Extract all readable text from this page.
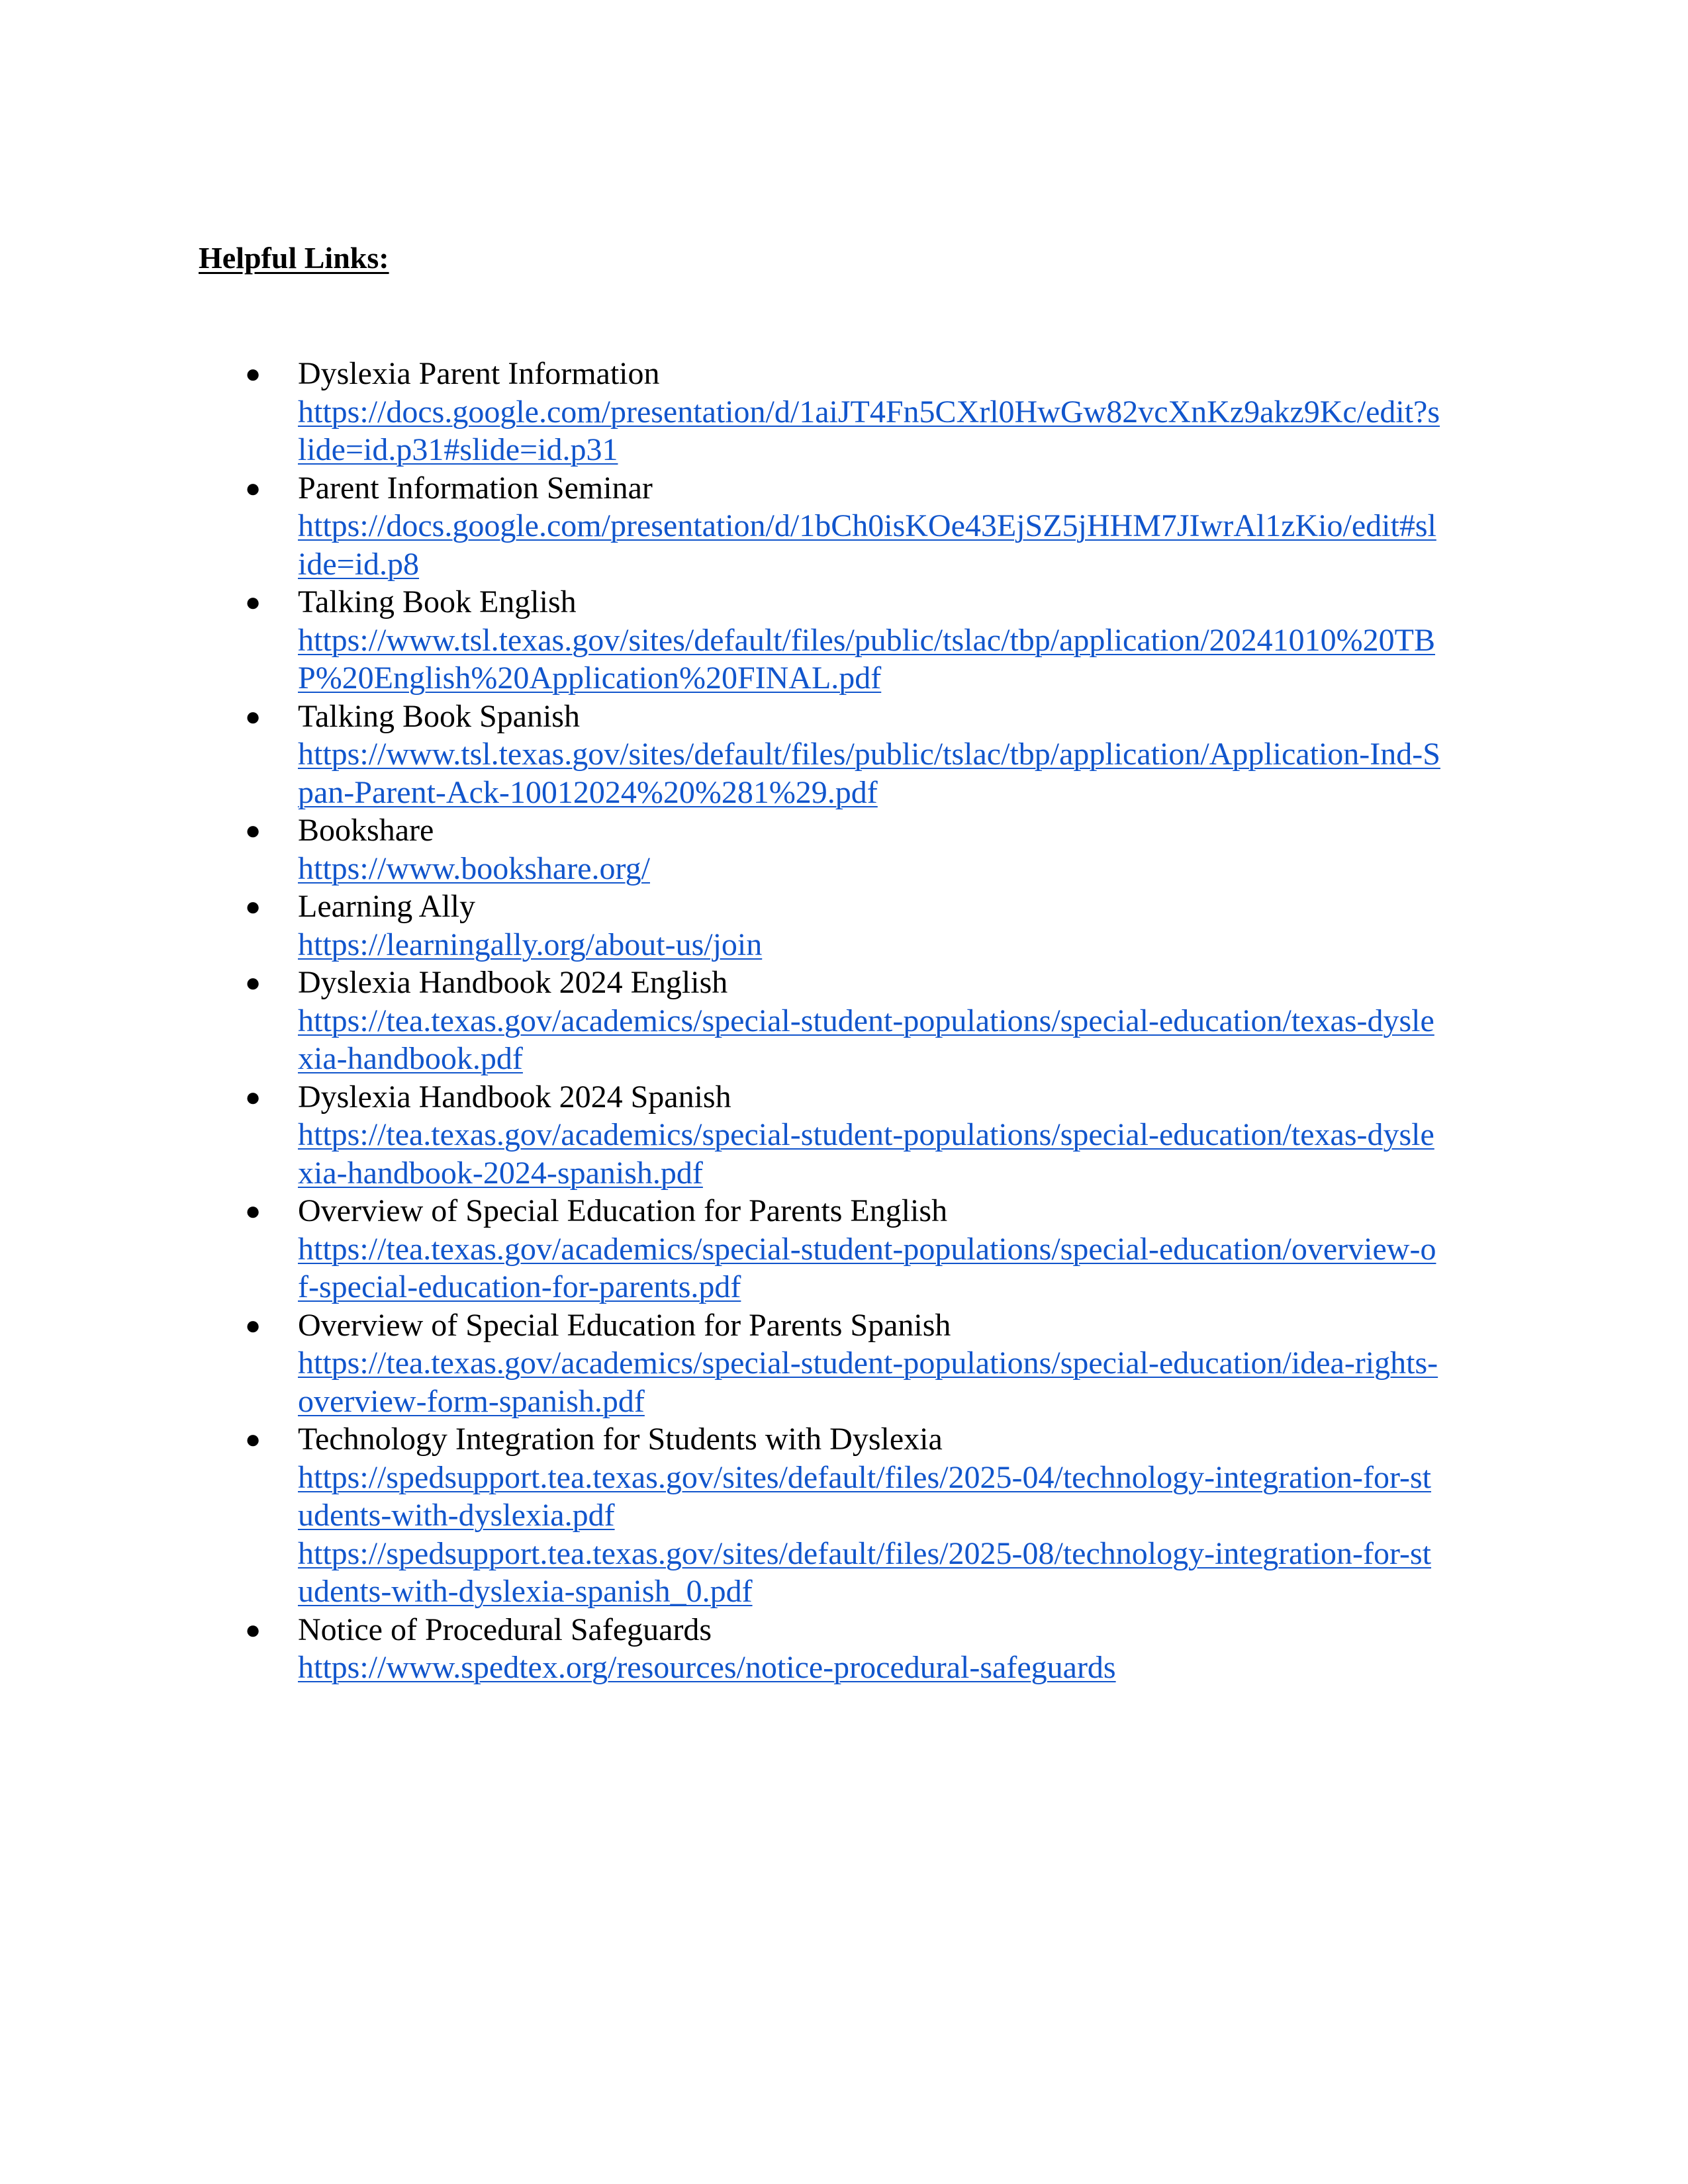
Helpful Links:
● Dyslexia Parent Information
https://docs.google.com/presentation/d/1aiJT4Fn5CXrl0HwGw82vcXnKz9akz9Kc/edit?s
lide=id.p31#slide=id.p31
● Parent Information Seminar
https://docs.google.com/presentation/d/1bCh0isKOe43EjSZ5jHHM7JIwrAl1zKio/edit#sl
ide=id.p8
● Talking Book English
https://www.tsl.texas.gov/sites/default/files/public/tslac/tbp/application/20241010%20TB
P%20English%20Application%20FINAL.pdf
● Talking Book Spanish
https://www.tsl.texas.gov/sites/default/files/public/tslac/tbp/application/Application-Ind-S
pan-Parent-Ack-10012024%20%281%29.pdf
● Bookshare
https://www.bookshare.org/
● Learning Ally
https://learningally.org/about-us/join
● Dyslexia Handbook 2024 English
https://tea.texas.gov/academics/special-student-populations/special-education/texas-dysle
xia-handbook.pdf
● Dyslexia Handbook 2024 Spanish
https://tea.texas.gov/academics/special-student-populations/special-education/texas-dysle
xia-handbook-2024-spanish.pdf
● Overview of Special Education for Parents English
https://tea.texas.gov/academics/special-student-populations/special-education/overview-o
f-special-education-for-parents.pdf
● Overview of Special Education for Parents Spanish
https://tea.texas.gov/academics/special-student-populations/special-education/idea-rights-
overview-form-spanish.pdf
● Technology Integration for Students with Dyslexia
https://spedsupport.tea.texas.gov/sites/default/files/2025-04/technology-integration-for-st
udents-with-dyslexia.pdf
https://spedsupport.tea.texas.gov/sites/default/files/2025-08/technology-integration-for-st
udents-with-dyslexia-spanish_0.pdf
● Notice of Procedural Safeguards
https://www.spedtex.org/resources/notice-procedural-safeguards
